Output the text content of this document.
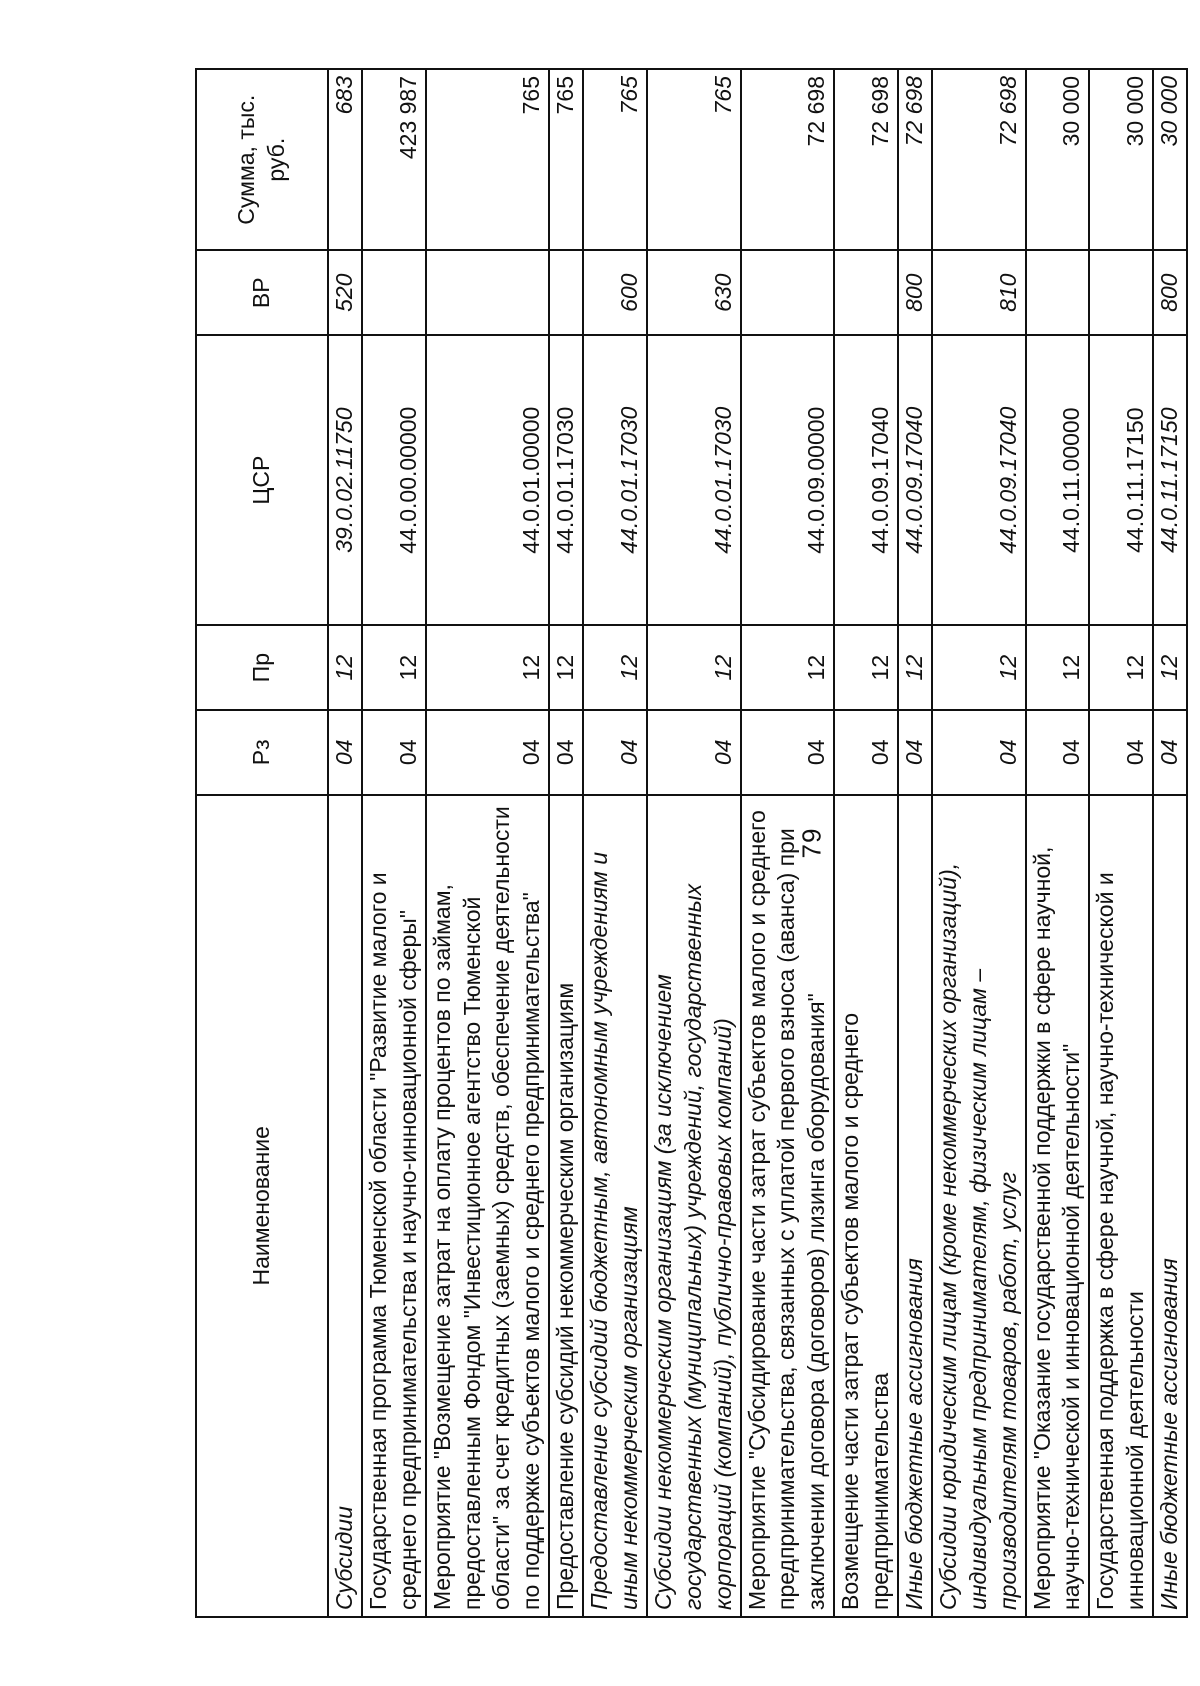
79
Наименование	Рз	Пр	ЦСР	ВР	Сумма, тыс. руб.
Субсидии	04	12	39.0.02.11750	520	683
Государственная программа Тюменской области "Развитие малого и среднего предпринимательства и научно-инновационной сферы"	04	12	44.0.00.00000		423 987
Мероприятие "Возмещение затрат на оплату процентов по займам, предоставленным Фондом "Инвестиционное агентство Тюменской области" за счет кредитных (заемных) средств, обеспечение деятельности по поддержке субъектов малого и среднего предпринимательства"	04	12	44.0.01.00000		765
Предоставление субсидий некоммерческим организациям	04	12	44.0.01.17030		765
Предоставление субсидий бюджетным, автономным учреждениям и иным некоммерческим организациям	04	12	44.0.01.17030	600	765
Субсидии некоммерческим организациям (за исключением государственных (муниципальных) учреждений, государственных корпораций (компаний), публично-правовых компаний)	04	12	44.0.01.17030	630	765
Мероприятие "Субсидирование части затрат субъектов малого и среднего предпринимательства, связанных с уплатой первого взноса (аванса) при заключении договора (договоров) лизинга оборудования"	04	12	44.0.09.00000		72 698
Возмещение части затрат субъектов малого и среднего предпринимательства	04	12	44.0.09.17040		72 698
Иные бюджетные ассигнования	04	12	44.0.09.17040	800	72 698
Субсидии юридическим лицам (кроме некоммерческих организаций), индивидуальным предпринимателям, физическим лицам – производителям товаров, работ, услуг	04	12	44.0.09.17040	810	72 698
Мероприятие "Оказание государственной поддержки в сфере научной, научно-технической и инновационной деятельности"	04	12	44.0.11.00000		30 000
Государственная поддержка в сфере научной, научно-технической и инновационной деятельности	04	12	44.0.11.17150		30 000
Иные бюджетные ассигнования	04	12	44.0.11.17150	800	30 000
